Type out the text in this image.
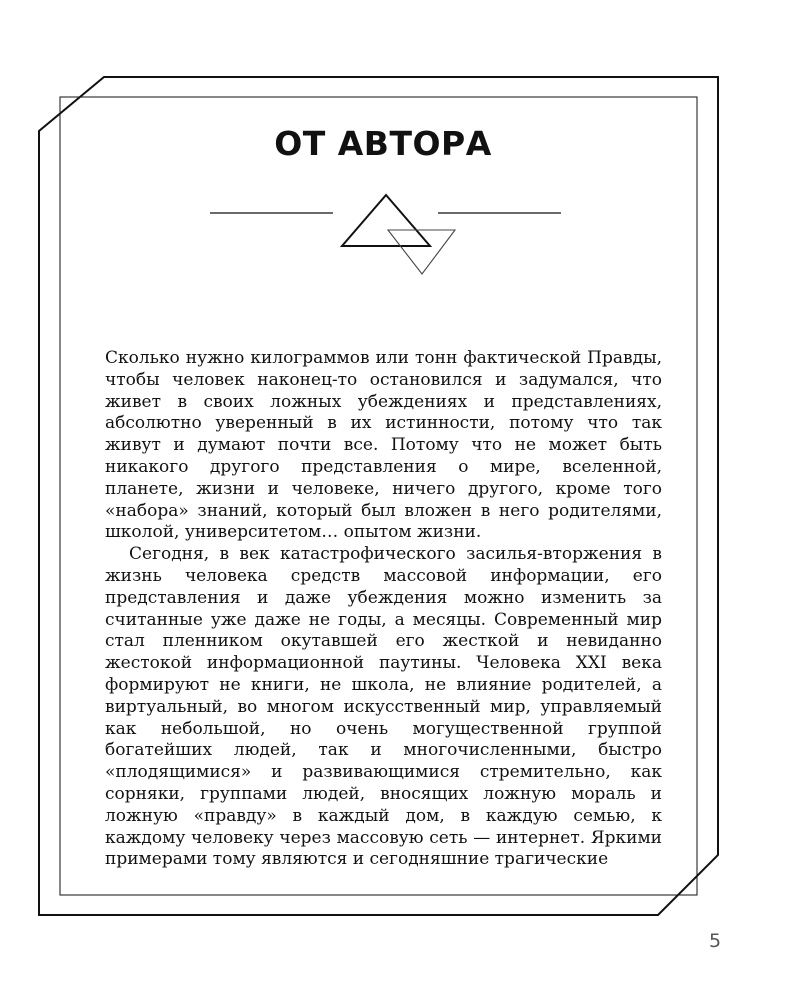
ОТ АВТОРА

Сколько нужно килограммов или тонн фактической Правды, чтобы человек наконец-то остановился и задумался, что живет в своих ложных убеждениях и представлениях, абсолютно уверенный в их истинности, потому что так живут и думают почти все. Потому что не может быть никакого другого представления о мире, вселенной, планете, жизни и человеке, ничего другого, кроме того «набора» знаний, который был вложен в него родителями, школой, университетом… опытом жизни.

Сегодня, в век катастрофического засилья-вторжения в жизнь человека средств массовой информации, его представления и даже убеждения можно изменить за считанные уже даже не годы, а месяцы. Современный мир стал пленником окутавшей его жесткой и невиданно жестокой информационной паутины. Человека XXI века формируют не книги, не школа, не влияние родителей, а виртуальный, во многом искусственный мир, управляемый как небольшой, но очень могущественной группой богатейших людей, так и многочисленными, быстро «плодящимися» и развивающимися стремительно, как сорняки, группами людей, вносящих ложную мораль и ложную «правду» в каждый дом, в каждую семью, к каждому человеку через массовую сеть — интернет. Яркими примерами тому являются и сегодняшние трагические

5
